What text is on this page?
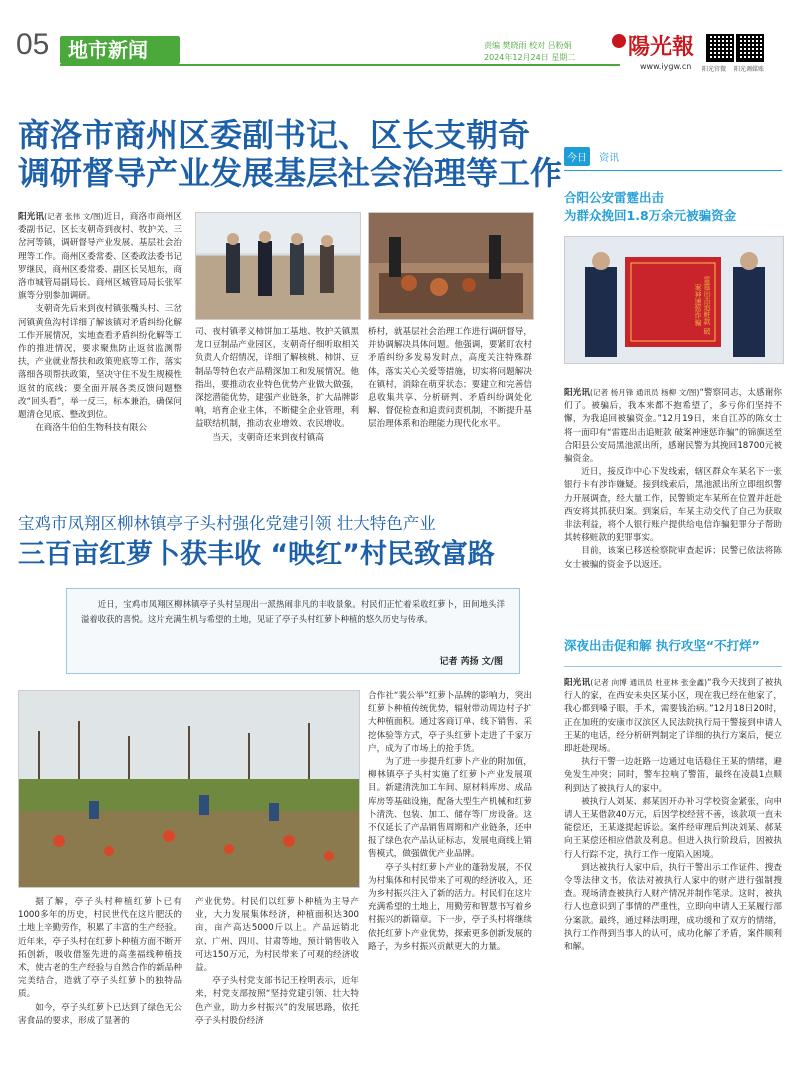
05 地市新闻	责编 樊晓雨 校对 吕粉娟
2024年12月24日 星期二 陽光報
www.iygw.cn 阳光官微 阳光调媒账
商洛市商州区委副书记、区长支朝奇
调研督导产业发展基层社会治理等工作

阳光讯(记者 张伟 文/图)近日，商洛市商州区委副书记、区长支朝奇到夜村、牧护关、三岔河等镇，调研督导产业发展、基层社会治理等工作。商州区委常委、区委政法委书记罗继民，商州区委常委、副区长吴旭东，商洛市城管局副局长、商州区城管局局长张军旗等分别参加调研。

支朝奇先后来到夜村镇张嘴头村、三岔河镇黄鱼沟村详细了解该镇对矛盾纠纷化解工作开展情况，实地查看矛盾纠纷化解等工作的推进情况，要求聚焦防止返贫监测帮扶，产业就业帮扶和政策兜底等工作，落实落细各项帮扶政策，坚决守住不发生规模性返贫的底线；要全面开展各类反馈问题整改“回头看”，举一反三，标本兼治，确保问题清仓见底、整改到位。

在商洛牛伯伯生物科技有限公

司、夜村镇孝义柿饼加工基地、牧护关镇黑龙口豆制品产业园区，支朝奇仔细听取相关负责人介绍情况，详细了解核桃、柿饼、豆制品等特色农产品精深加工和发展情况。他指出，要推动农业特色优势产业做大做强，深挖潜能优势，建强产业链条，扩大品牌影响，培育企业主体，不断健全企业管理，利益联结机制，推动农业增效、农民增收。

当天，支朝奇还来到夜村镇高

桥村，就基层社会治理工作进行调研督导，并协调解决具体问题。他强调，要紧盯农村矛盾纠纷多发易发时点，高度关注特殊群体，落实关心关爱等措施，切实将问题解决在镇村，消除在萌芽状态；要建立和完善信息收集共享、分析研判、矛盾纠纷调处化解、督促检查和追责问责机制，不断提升基层治理体系和治理能力现代化水平。

宝鸡市凤翔区柳林镇亭子头村强化党建引领 壮大特色产业
三百亩红萝卜获丰收 “映红”村民致富路

近日，宝鸡市凤翔区柳林镇亭子头村呈现出一派热闹非凡的丰收景象。村民们正忙着采收红萝卜，田间地头洋溢着收获的喜悦。这片充满生机与希望的土地，见证了亭子头村红萝卜种植的悠久历史与传承。

记者 芮扬 文/图

据了解，亭子头村种植红萝卜已有1000多年的历史，村民世代在这片肥沃的土地上辛勤劳作，积累了丰富的生产经验。近年来，亭子头村在红萝卜种植方面不断开拓创新，吸收借鉴先进的高垄福线种植技术，使古老的生产经验与自然合作的新品种完美结合，造就了亭子头红萝卜的独特品质。

如今，亭子头红萝卜已达到了绿色无公害食品的要求，形成了显著的

产业优势。村民们以红萝卜种植为主导产业，大力发展集体经济，种植面积达300亩，亩产高达5000斤以上。产品远销北京、广州、四川、甘肃等地，预计销售收入可达150万元，为村民带来了可观的经济收益。

亭子头村党支部书记王栓明表示，近年来，村党支部按照“坚持党建引领、壮大特色产业，助力乡村振兴”的发展思路，依托亭子头村股份经济

合作社“裴公举”红萝卜品牌的影响力，突出红萝卜种植传统优势，辐射带动周边村子扩大种植面积。通过客商订单、线下销售、采挖体验等方式，亭子头红萝卜走进了千家万户，成为了市场上的抢手货。

为了进一步提升红萝卜产业的附加值，柳林镇亭子头村实施了红萝卜产业发展项目。新建清洗加工车间、原材料库房、成品库房等基础设施，配备大型生产机械和红萝卜清洗、包装、加工、储存等厂房设备。这不仅延长了产品销售周期和产业链条，还申报了绿色农产品认证标志，发展电商线上销售模式，做强做优产业品牌。

亭子头村红萝卜产业的蓬勃发展，不仅为村集体和村民带来了可观的经济收入，还为乡村振兴注入了新的活力。村民们在这片充满希望的土地上，用勤劳和智慧书写着乡村振兴的新篇章。下一步，亭子头村将继续依托红萝卜产业优势，探索更多创新发展的路子，为乡村振兴贡献更大的力量。

今日 资讯
合阳公安雷霆出击
为群众挽回1.8万余元被骗资金
雷霆出击追赃款 破案神速惩诈骗

阳光讯(记者 杨月锋 通讯员 杨柳 文/图)“警察同志，太感谢你们了。被骗后，我本来都不抱希望了，多亏你们坚持不懈，为我追回被骗资金。”12月19日，来自江苏的陈女士将一面印有“雷霆出击追赃款 破案神速惩诈骗”的锦旗送至合阳县公安局黑池派出所，感谢民警为其挽回18700元被骗资金。

近日，接反诈中心下发线索，辖区群众车某名下一张银行卡有涉诈嫌疑。接到线索后，黑池派出所立即组织警力开展调查，经大量工作，民警锁定车某所在位置并赶赴西安将其抓获归案。到案后，车某主动交代了自己为获取非法利益，将个人银行账户提供给电信诈骗犯罪分子帮助其转移赃款的犯罪事实。

目前，该案已移送检察院审查起诉；民警已依法将陈女士被骗的资金予以返还。

深夜出击促和解 执行攻坚“不打烊”

阳光讯(记者 向博 通讯员 杜亚林 张金鑫)“我今天找到了被执行人的家，在西安未央区某小区，现在我已经在他家了，我心都到嗓子眼，手术，需要钱治病。”12月18日20时，正在加班的安康市汉滨区人民法院执行局干警接到申请人王某的电话，经分析研判制定了详细的执行方案后，便立即赶赴现场。

执行干警一边赶路一边通过电话稳住王某的情绪，避免发生冲突；同时，警车拉响了警笛，最终在凌晨1点顺利到达了被执行人的家中。

被执行人刘某、郝某因开办补习学校资金紧张，向申请人王某借款40万元，后因学校经营不善，该款项一直未能偿还，王某遂提起诉讼。案件经审理后判决刘某、郝某向王某偿还相应借款及利息。但进入执行阶段后，因被执行人行踪不定，执行工作一度陷入困境。

到达被执行人家中后，执行干警出示工作证件、搜查令等法律文书，依法对被执行人家中的财产进行强制搜查。现场清查被执行人财产情况并制作笔录。这时，被执行人也意识到了事情的严重性，立即向申请人王某履行部分案款。最终，通过释法明理，成功缓和了双方的情绪，执行工作得到当事人的认可，成功化解了矛盾，案件顺利和解。
